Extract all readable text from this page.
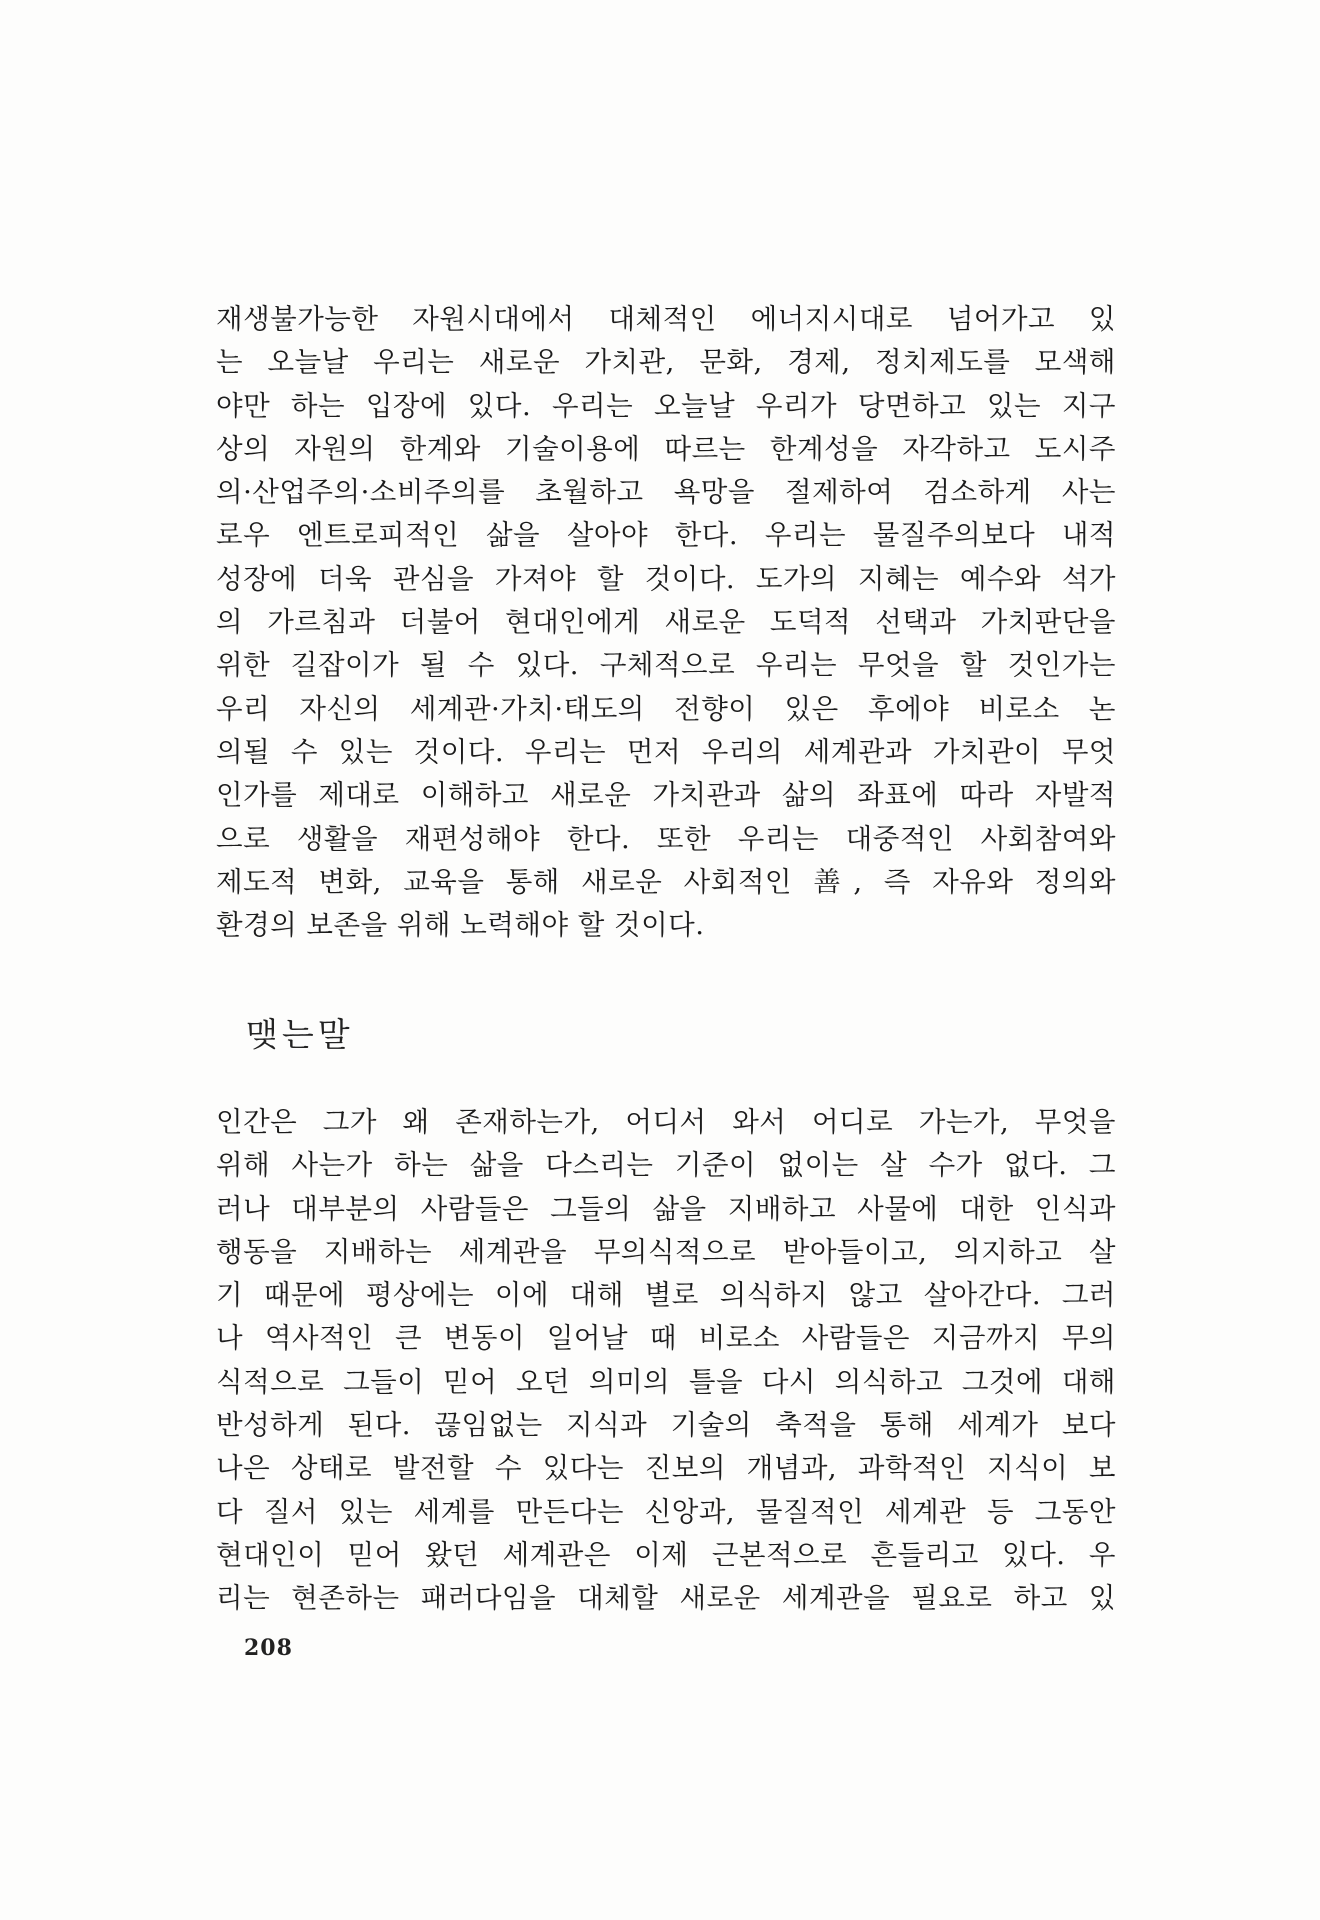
재생불가능한 자원시대에서 대체적인 에너지시대로 넘어가고 있
는 오늘날 우리는 새로운 가치관, 문화, 경제, 정치제도를 모색해
야만 하는 입장에 있다. 우리는 오늘날 우리가 당면하고 있는 지구
상의 자원의 한계와 기술이용에 따르는 한계성을 자각하고 도시주
의·산업주의·소비주의를 초월하고 욕망을 절제하여 검소하게 사는
로우 엔트로피적인 삶을 살아야 한다. 우리는 물질주의보다 내적
성장에 더욱 관심을 가져야 할 것이다. 도가의 지혜는 예수와 석가
의 가르침과 더불어 현대인에게 새로운 도덕적 선택과 가치판단을
위한 길잡이가 될 수 있다. 구체적으로 우리는 무엇을 할 것인가는
우리 자신의 세계관·가치·태도의 전향이 있은 후에야 비로소 논
의될 수 있는 것이다. 우리는 먼저 우리의 세계관과 가치관이 무엇
인가를 제대로 이해하고 새로운 가치관과 삶의 좌표에 따라 자발적
으로 생활을 재편성해야 한다. 또한 우리는 대중적인 사회참여와
제도적 변화, 교육을 통해 새로운 사회적인 善, 즉 자유와 정의와
환경의 보존을 위해 노력해야 할 것이다.
맺는말
인간은 그가 왜 존재하는가, 어디서 와서 어디로 가는가, 무엇을
위해 사는가 하는 삶을 다스리는 기준이 없이는 살 수가 없다. 그
러나 대부분의 사람들은 그들의 삶을 지배하고 사물에 대한 인식과
행동을 지배하는 세계관을 무의식적으로 받아들이고, 의지하고 살
기 때문에 평상에는 이에 대해 별로 의식하지 않고 살아간다. 그러
나 역사적인 큰 변동이 일어날 때 비로소 사람들은 지금까지 무의
식적으로 그들이 믿어 오던 의미의 틀을 다시 의식하고 그것에 대해
반성하게 된다. 끊임없는 지식과 기술의 축적을 통해 세계가 보다
나은 상태로 발전할 수 있다는 진보의 개념과, 과학적인 지식이 보
다 질서 있는 세계를 만든다는 신앙과, 물질적인 세계관 등 그동안
현대인이 믿어 왔던 세계관은 이제 근본적으로 흔들리고 있다. 우
리는 현존하는 패러다임을 대체할 새로운 세계관을 필요로 하고 있
208
